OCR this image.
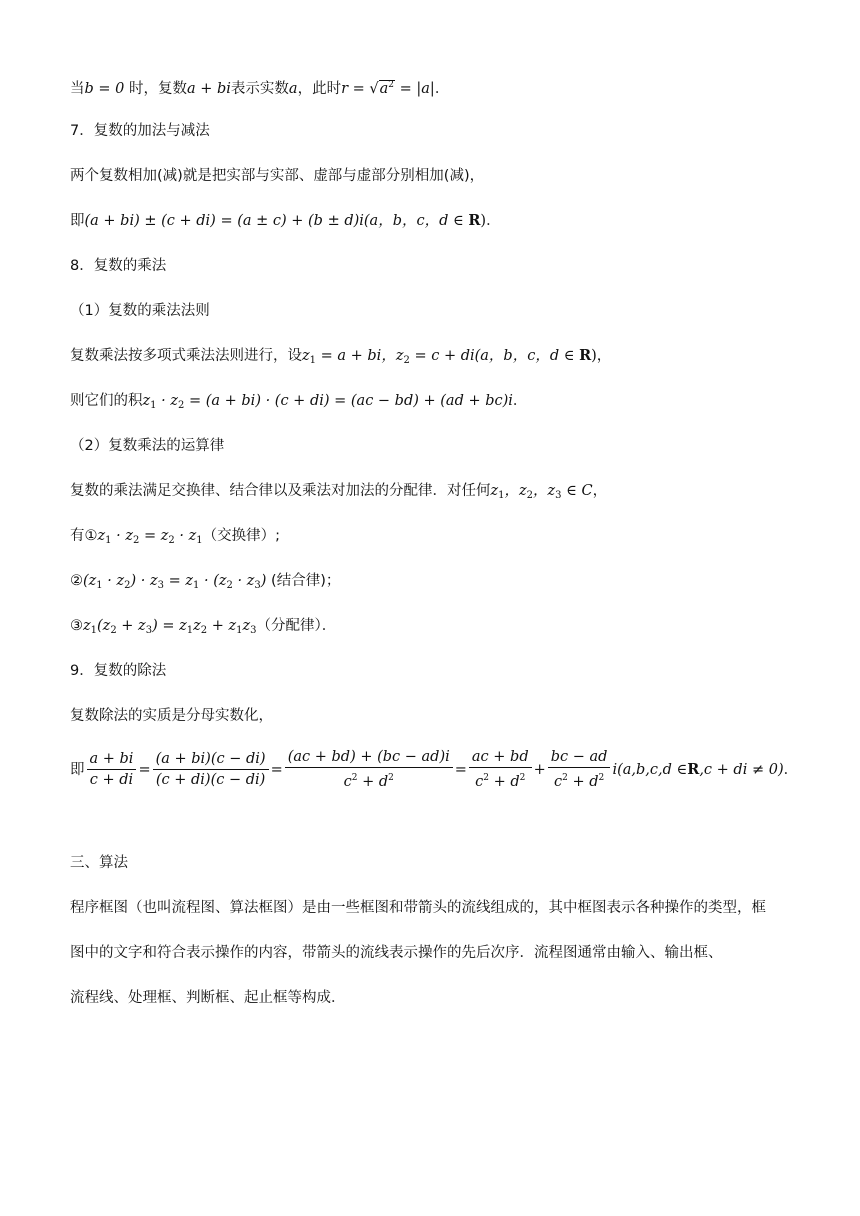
当b = 0 时，复数a + bi表示实数a，此时$r = √a^2 = |a|$．
7．复数的加法与减法
两个复数相加(减)就是把实部与实部、虚部与虚部分别相加(减)，
即(a + bi) ± (c + di) = (a ± c) + (b ± d)i(a，b，c，d ∈ R)．
8．复数的乘法
（1）复数的乘法法则
复数乘法按多项式乘法法则进行，设$z_1 = a$ + bi，$z_2 = c + di(a$，b，c，d ∈ R)，
则它们的积$z_1 \cdot z_2 = (a + bi) \cdot (c + di) = (ac - bd) + (ad + bc)i$．
（2）复数乘法的运算律
复数的乘法满足交换律、结合律以及乘法对加法的分配律．对任何$z_1$，$z_2$，$z_3$ ∈ C，
有$①z_1 \cdot z_2 = z_2 \cdot z_1$（交换律）;
$②(z_1 \cdot z_2) \cdot z_3 = z_1 \cdot (z_2 \cdot z_3)$ (结合律)；
$③z_1(z_2 + z_3) = z_1z_2 + z_1z_3$（分配律）．
9．复数的除法
复数除法的实质是分母实数化，
即 $\frac{a + bi}{c + di} = \frac{(a + bi)(c - di)}{(c + di)(c - di)} = \frac{(ac + bd) + (bc - ad)i}{c^2 + d^2} = \frac{ac + bd}{c^2 + d^2} + \frac{bc - ad}{c^2 + d^2} i(a,b,c,d$ ∈ R ,c + di ≠ 0) ．
三、算法
程序框图（也叫流程图、算法框图）是由一些框图和带箭头的流线组成的，其中框图表示各种操作的类型，框
图中的文字和符合表示操作的内容，带箭头的流线表示操作的先后次序．流程图通常由输入、输出框、
流程线、处理框、判断框、起止框等构成．
